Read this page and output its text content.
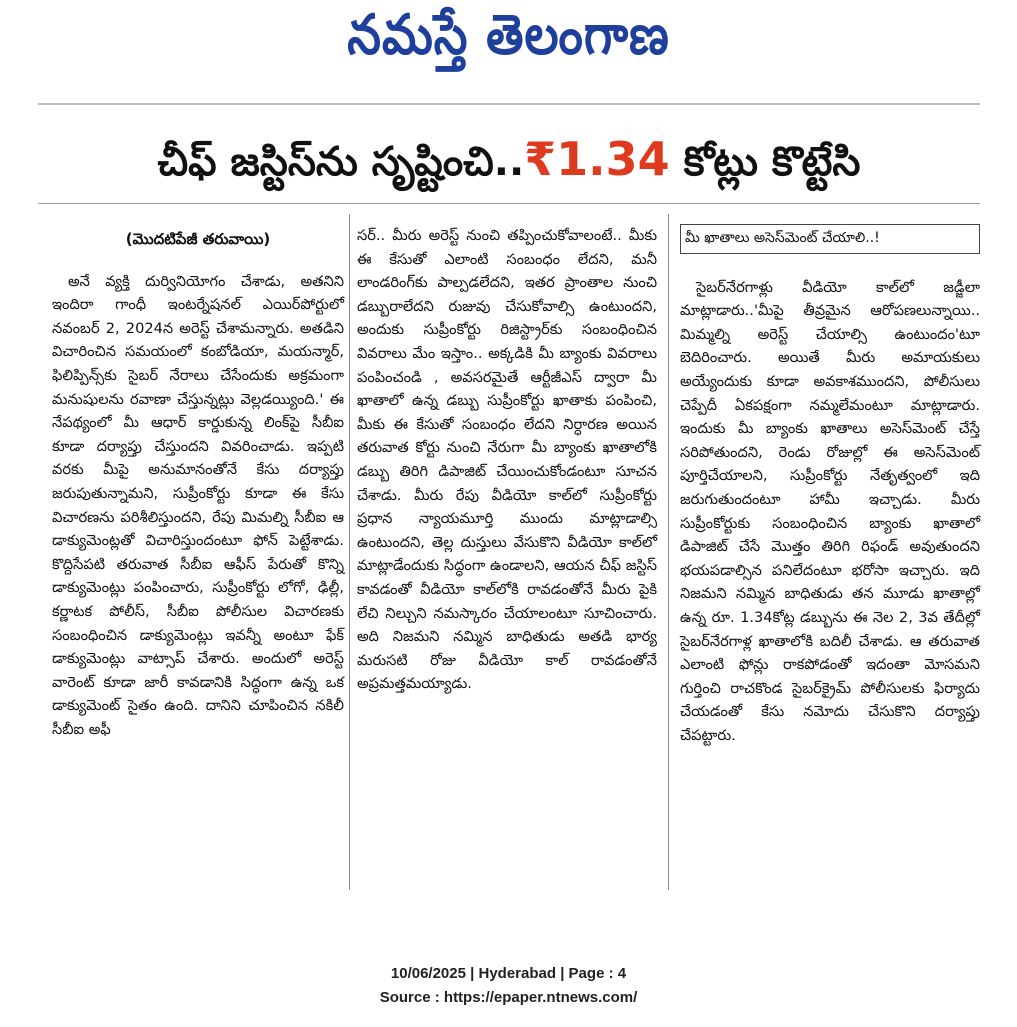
నమస్తే తెలంగాణ
చీఫ్ జస్టిస్‌ను సృష్టించి..₹1.34 కోట్లు కొట్టేసి
(మొదటిపేజీ తరువాయి)

అనే వ్యక్తి దుర్వినియోగం చేశాడు, అతనిని ఇందిరా గాంధీ ఇంటర్నేషనల్ ఎయిర్‌పోర్టులో నవంబర్ 2, 2024న అరెస్ట్ చేశామన్నారు. అతడిని విచారించిన సమయంలో కంబోడియా, మయన్మార్, ఫిలిప్పిన్స్‌కు సైబర్ నేరాలు చేసేందుకు అక్రమంగా మనుషులను రవాణా చేస్తున్నట్లు వెల్లడయ్యింది.' ఈ నేపథ్యంలో మీ ఆధార్ కార్డుకున్న లింక్‌పై సీబీఐ కూడా దర్యాప్తు చేస్తుందని వివరించాడు. ఇప్పటి వరకు మీపై అనుమానంతోనే కేసు దర్యాప్తు జరుపుతున్నామని, సుప్రీంకోర్టు కూడా ఈ కేసు విచారణను పరిశీలిస్తుందని, రేపు మిమల్ని సీబీఐ ఆ డాక్యుమెంట్లతో విచారిస్తుందంటూ ఫోన్ పెట్టేశాడు. కొద్దిసేపటి తరువాత సీబీఐ ఆఫీస్ పేరుతో కొన్ని డాక్యుమెంట్లు పంపించారు, సుప్రీంకోర్టు లోగో, ఢిల్లీ, కర్ణాటక పోలీస్, సీబీఐ పోలీసుల విచారణకు సంబంధించిన డాక్యుమెంట్లు ఇవన్నీ అంటూ ఫేక్ డాక్యుమెంట్లు వాట్సాప్ చేశారు. అందులో అరెస్ట్ వారెంట్ కూడా జారీ కావడానికి సిద్ధంగా ఉన్న ఒక డాక్యుమెంట్ సైతం ఉంది. దానిని చూపించిన నకిలీ సీబీఐ అఫీ

సర్.. మీరు అరెస్ట్ నుంచి తప్పించుకోవాలంటే.. మీకు ఈ కేసుతో ఎలాంటి సంబంధం లేదని, మనీ లాండరింగ్‌కు పాల్పడలేదని, ఇతర ప్రాంతాల నుంచి డబ్బురాలేదని రుజువు చేసుకోవాల్సి ఉంటుందని, అందుకు సుప్రీంకోర్టు రిజిస్ట్రార్‌కు సంబంధించిన వివరాలు మేం ఇస్తాం.. అక్కడికి మీ బ్యాంకు వివరాలు పంపించండి , అవసరమైతే ఆర్టీజీఎస్ ద్వారా మీ ఖాతాలో ఉన్న డబ్బు సుప్రీంకోర్టు ఖాతాకు పంపించి, మీకు ఈ కేసుతో సంబంధం లేదని నిర్ధారణ అయిన తరువాత కోర్టు నుంచి నేరుగా మీ బ్యాంకు ఖాతాలోకి డబ్బు తిరిగి డిపాజిట్ చేయించుకోండంటూ సూచన చేశాడు. మీరు రేపు వీడియో కాల్‌లో సుప్రీంకోర్టు ప్రధాన న్యాయమూర్తి ముందు మాట్లాడాల్సి ఉంటుందని, తెల్ల దుస్తులు వేసుకొని వీడియో కాల్‌లో మాట్లాడేందుకు సిద్ధంగా ఉండాలని, ఆయన చీఫ్ జస్టిస్ కావడంతో వీడియో కాల్‌లోకి రావడంతోనే మీరు పైకి లేచి నిల్చుని నమస్కారం చేయాలంటూ సూచించారు. అది నిజమని నమ్మిన బాధితుడు అతడి భార్య మరుసటి రోజు వీడియో కాల్ రావడంతోనే అప్రమత్తమయ్యాడు.

మీ ఖాతాలు అసెస్‌మెంట్ చేయాలి..!

సైబర్‌నేరగాళ్లు వీడియో కాల్‌లో జడ్జీలా మాట్లాడారు..'మీపై తీవ్రమైన ఆరోపణలున్నాయి.. మిమ్మల్ని అరెస్ట్ చేయాల్సి ఉంటుందం'టూ బెదిరించారు. అయితే మీరు అమాయకులు అయ్యేందుకు కూడా అవకాశముందని, పోలీసులు చెప్పేదీ ఏకపక్షంగా నమ్మలేమంటూ మాట్లాడారు. ఇందుకు మీ బ్యాంకు ఖాతాలు అసెస్‌మెంట్ చేస్తే సరిపోతుందని, రెండు రోజుల్లో ఈ అసెస్‌మెంట్ పూర్తిచేయాలని, సుప్రీంకోర్టు నేతృత్వంలో ఇది జరుగుతుందంటూ హామీ ఇచ్చాడు. మీరు సుప్రీంకోర్టుకు సంబంధించిన బ్యాంకు ఖాతాలో డిపాజిట్ చేసే మొత్తం తిరిగి రిఫండ్ అవుతుందని భయపడాల్సిన పనిలేదంటూ భరోసా ఇచ్చారు. ఇది నిజమని నమ్మిన బాధితుడు తన మూడు ఖాతాల్లో ఉన్న రూ. 1.34కోట్ల డబ్బును ఈ నెల 2, 3వ తేదీల్లో సైబర్‌నేరగాళ్ల ఖాతాలోకి బదిలీ చేశాడు. ఆ తరువాత ఎలాంటి ఫోన్లు రాకపోడంతో ఇదంతా మోసమని గుర్తించి రాచకొండ సైబర్‌క్రైమ్ పోలీసులకు ఫిర్యాదు చేయడంతో కేసు నమోదు చేసుకొని దర్యాప్తు చేపట్టారు.

10/06/2025 | Hyderabad | Page : 4
Source : https://epaper.ntnews.com/
